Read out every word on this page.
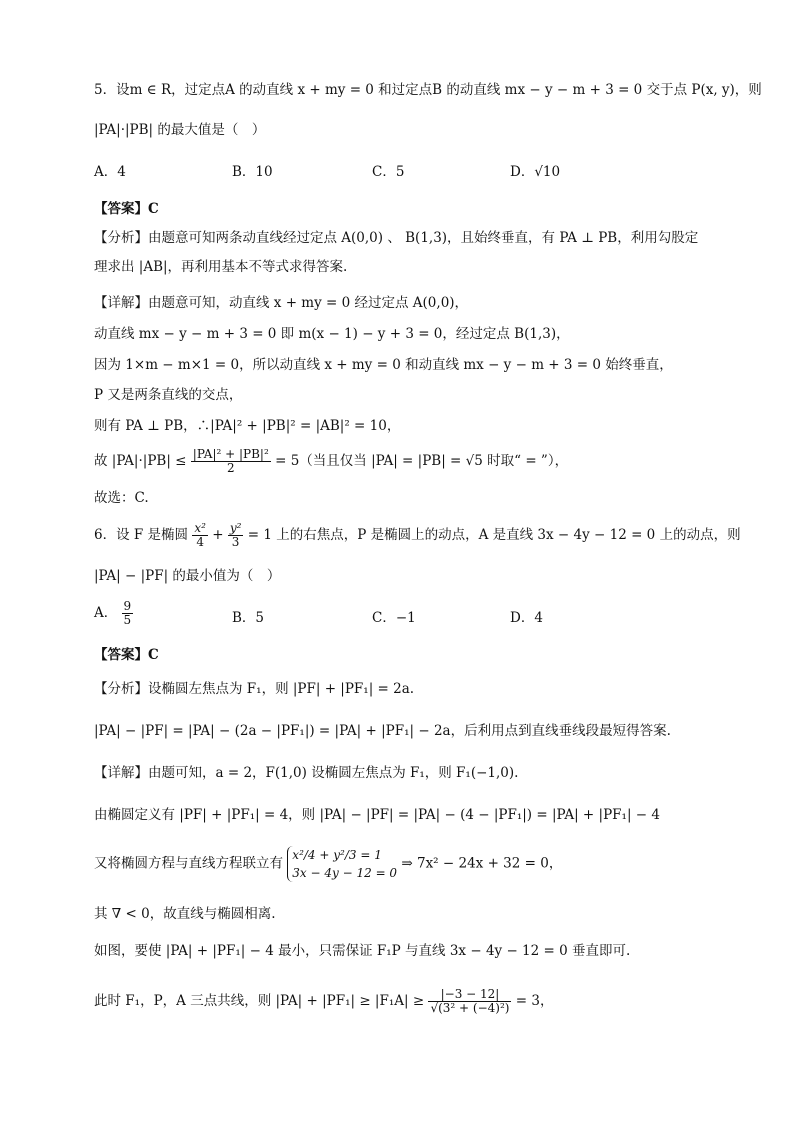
5．设m ∈ R，过定点A 的动直线 x + my = 0 和过定点B 的动直线 mx − y − m + 3 = 0 交于点 P(x, y)，则
|PA|·|PB| 的最大值是（　）
A．4	B．10	C．5	D．√10
【答案】C
【分析】由题意可知两条动直线经过定点 A(0,0) 、 B(1,3)，且始终垂直，有 PA ⊥ PB，利用勾股定
理求出 |AB|，再利用基本不等式求得答案.
【详解】由题意可知，动直线 x + my = 0 经过定点 A(0,0)，
动直线 mx − y − m + 3 = 0 即 m(x − 1) − y + 3 = 0，经过定点 B(1,3)，
因为 1×m − m×1 = 0，所以动直线 x + my = 0 和动直线 mx − y − m + 3 = 0 始终垂直，
P 又是两条直线的交点，
则有 PA ⊥ PB，∴|PA|² + |PB|² = |AB|² = 10，
故 $|PA|\cdot|PB| \le \frac{\text{|PA|² + |PB|²}}{2} = 5$（当且仅当 |PA| = |PB| = √5 时取“ = ”），
故选：C.
6．设 F 是椭圆 $\frac{\text{x²}}{4} + \frac{\text{y²}}{3} = 1$ 上的右焦点，P 是椭圆上的动点，A 是直线 3x − 4y − 12 = 0 上的动点，则
|PA| − |PF| 的最小值为（　）
A． $\frac{9}{5}$	B．5	C．−1	D．4
【答案】C
【分析】设椭圆左焦点为 F₁，则 |PF| + |PF₁| = 2a.
|PA| − |PF| = |PA| − (2a − |PF₁|) = |PA| + |PF₁| − 2a，后利用点到直线垂线段最短得答案.
【详解】由题可知，a = 2，F(1,0) 设椭圆左焦点为 F₁，则 F₁(−1,0).
由椭圆定义有 |PF| + |PF₁| = 4，则 |PA| − |PF| = |PA| − (4 − |PF₁|) = |PA| + |PF₁| − 4
又将椭圆方程与直线方程联立有
x²/4 + y²/3 = 1
3x − 4y − 12 = 0
⇒ 7x² − 24x + 32 = 0，
其 ∇ < 0，故直线与椭圆相离.
如图，要使 |PA| + |PF₁| − 4 最小，只需保证 F₁P 与直线 3x − 4y − 12 = 0 垂直即可.
此时 F₁，P，A 三点共线，则 $|PA| + |PF_1| \ge |F_1A| \ge \frac{|-3 - 12|}{\text{√(3² + (−4)²)}} = 3$，
